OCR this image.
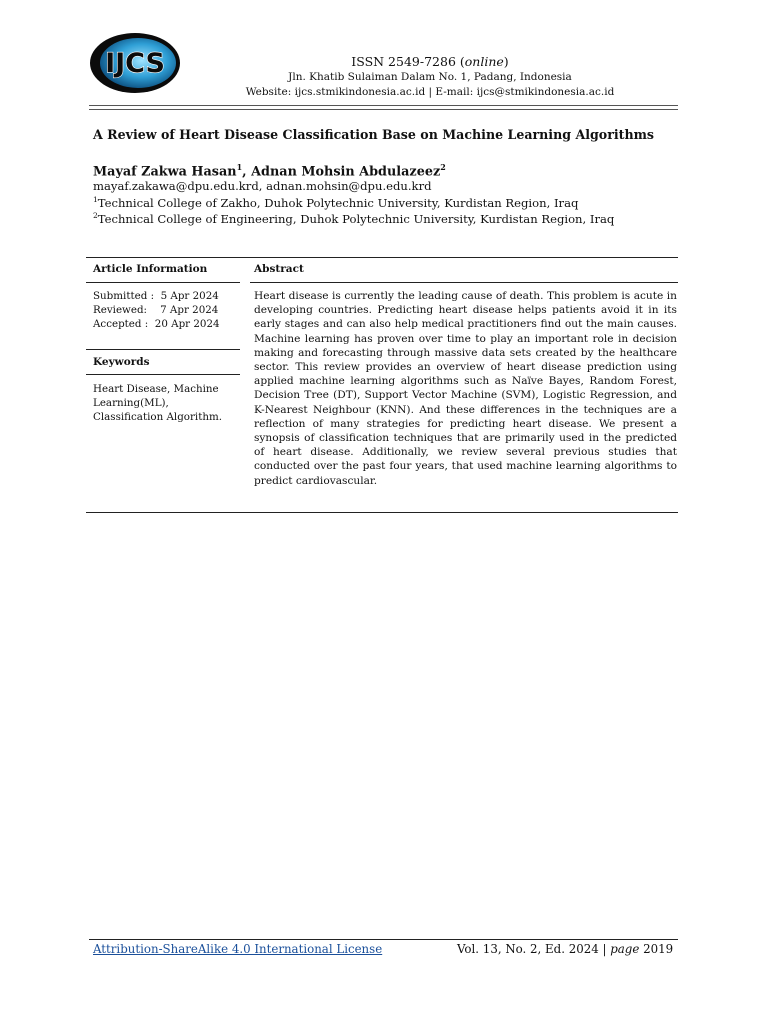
IJCS	ISSN 2549-7286 (online)
Jln. Khatib Sulaiman Dalam No. 1, Padang, Indonesia
Website: ijcs.stmikindonesia.ac.id | E-mail: ijcs@stmikindonesia.ac.id
A Review of Heart Disease Classification Base on Machine Learning Algorithms
Mayaf Zakwa Hasan$^1$, Adnan Mohsin Abdulazeez$^2$
mayaf.zakawa@dpu.edu.krd, adnan.mohsin@dpu.edu.krd
$^1$Technical College of Zakho, Duhok Polytechnic University, Kurdistan Region, Iraq
$^2$Technical College of Engineering, Duhok Polytechnic University, Kurdistan Region, Iraq
Article Information
Submitted :  5 Apr 2024
Reviewed:    7 Apr 2024
Accepted :  20 Apr 2024
Keywords
Heart Disease, Machine
Learning(ML),
Classification Algorithm.
Abstract
Heart disease is currently the leading cause of death. This problem is acute in developing countries. Predicting heart disease helps patients avoid it in its early stages and can also help medical practitioners find out the main causes. Machine learning has proven over time to play an important role in decision making and forecasting through massive data sets created by the healthcare sector. This review provides an overview of heart disease prediction using applied machine learning algorithms such as Naïve Bayes, Random Forest, Decision Tree (DT), Support Vector Machine (SVM), Logistic Regression, and K-Nearest Neighbour (KNN). And these differences in the techniques are a reflection of many strategies for predicting heart disease. We present a synopsis of classification techniques that are primarily used in the predicted of heart disease. Additionally, we review several previous studies that conducted over the past four years, that used machine learning algorithms to predict cardiovascular.
Attribution-ShareAlike 4.0 International License	Vol. 13, No. 2, Ed. 2024 | page 2019
